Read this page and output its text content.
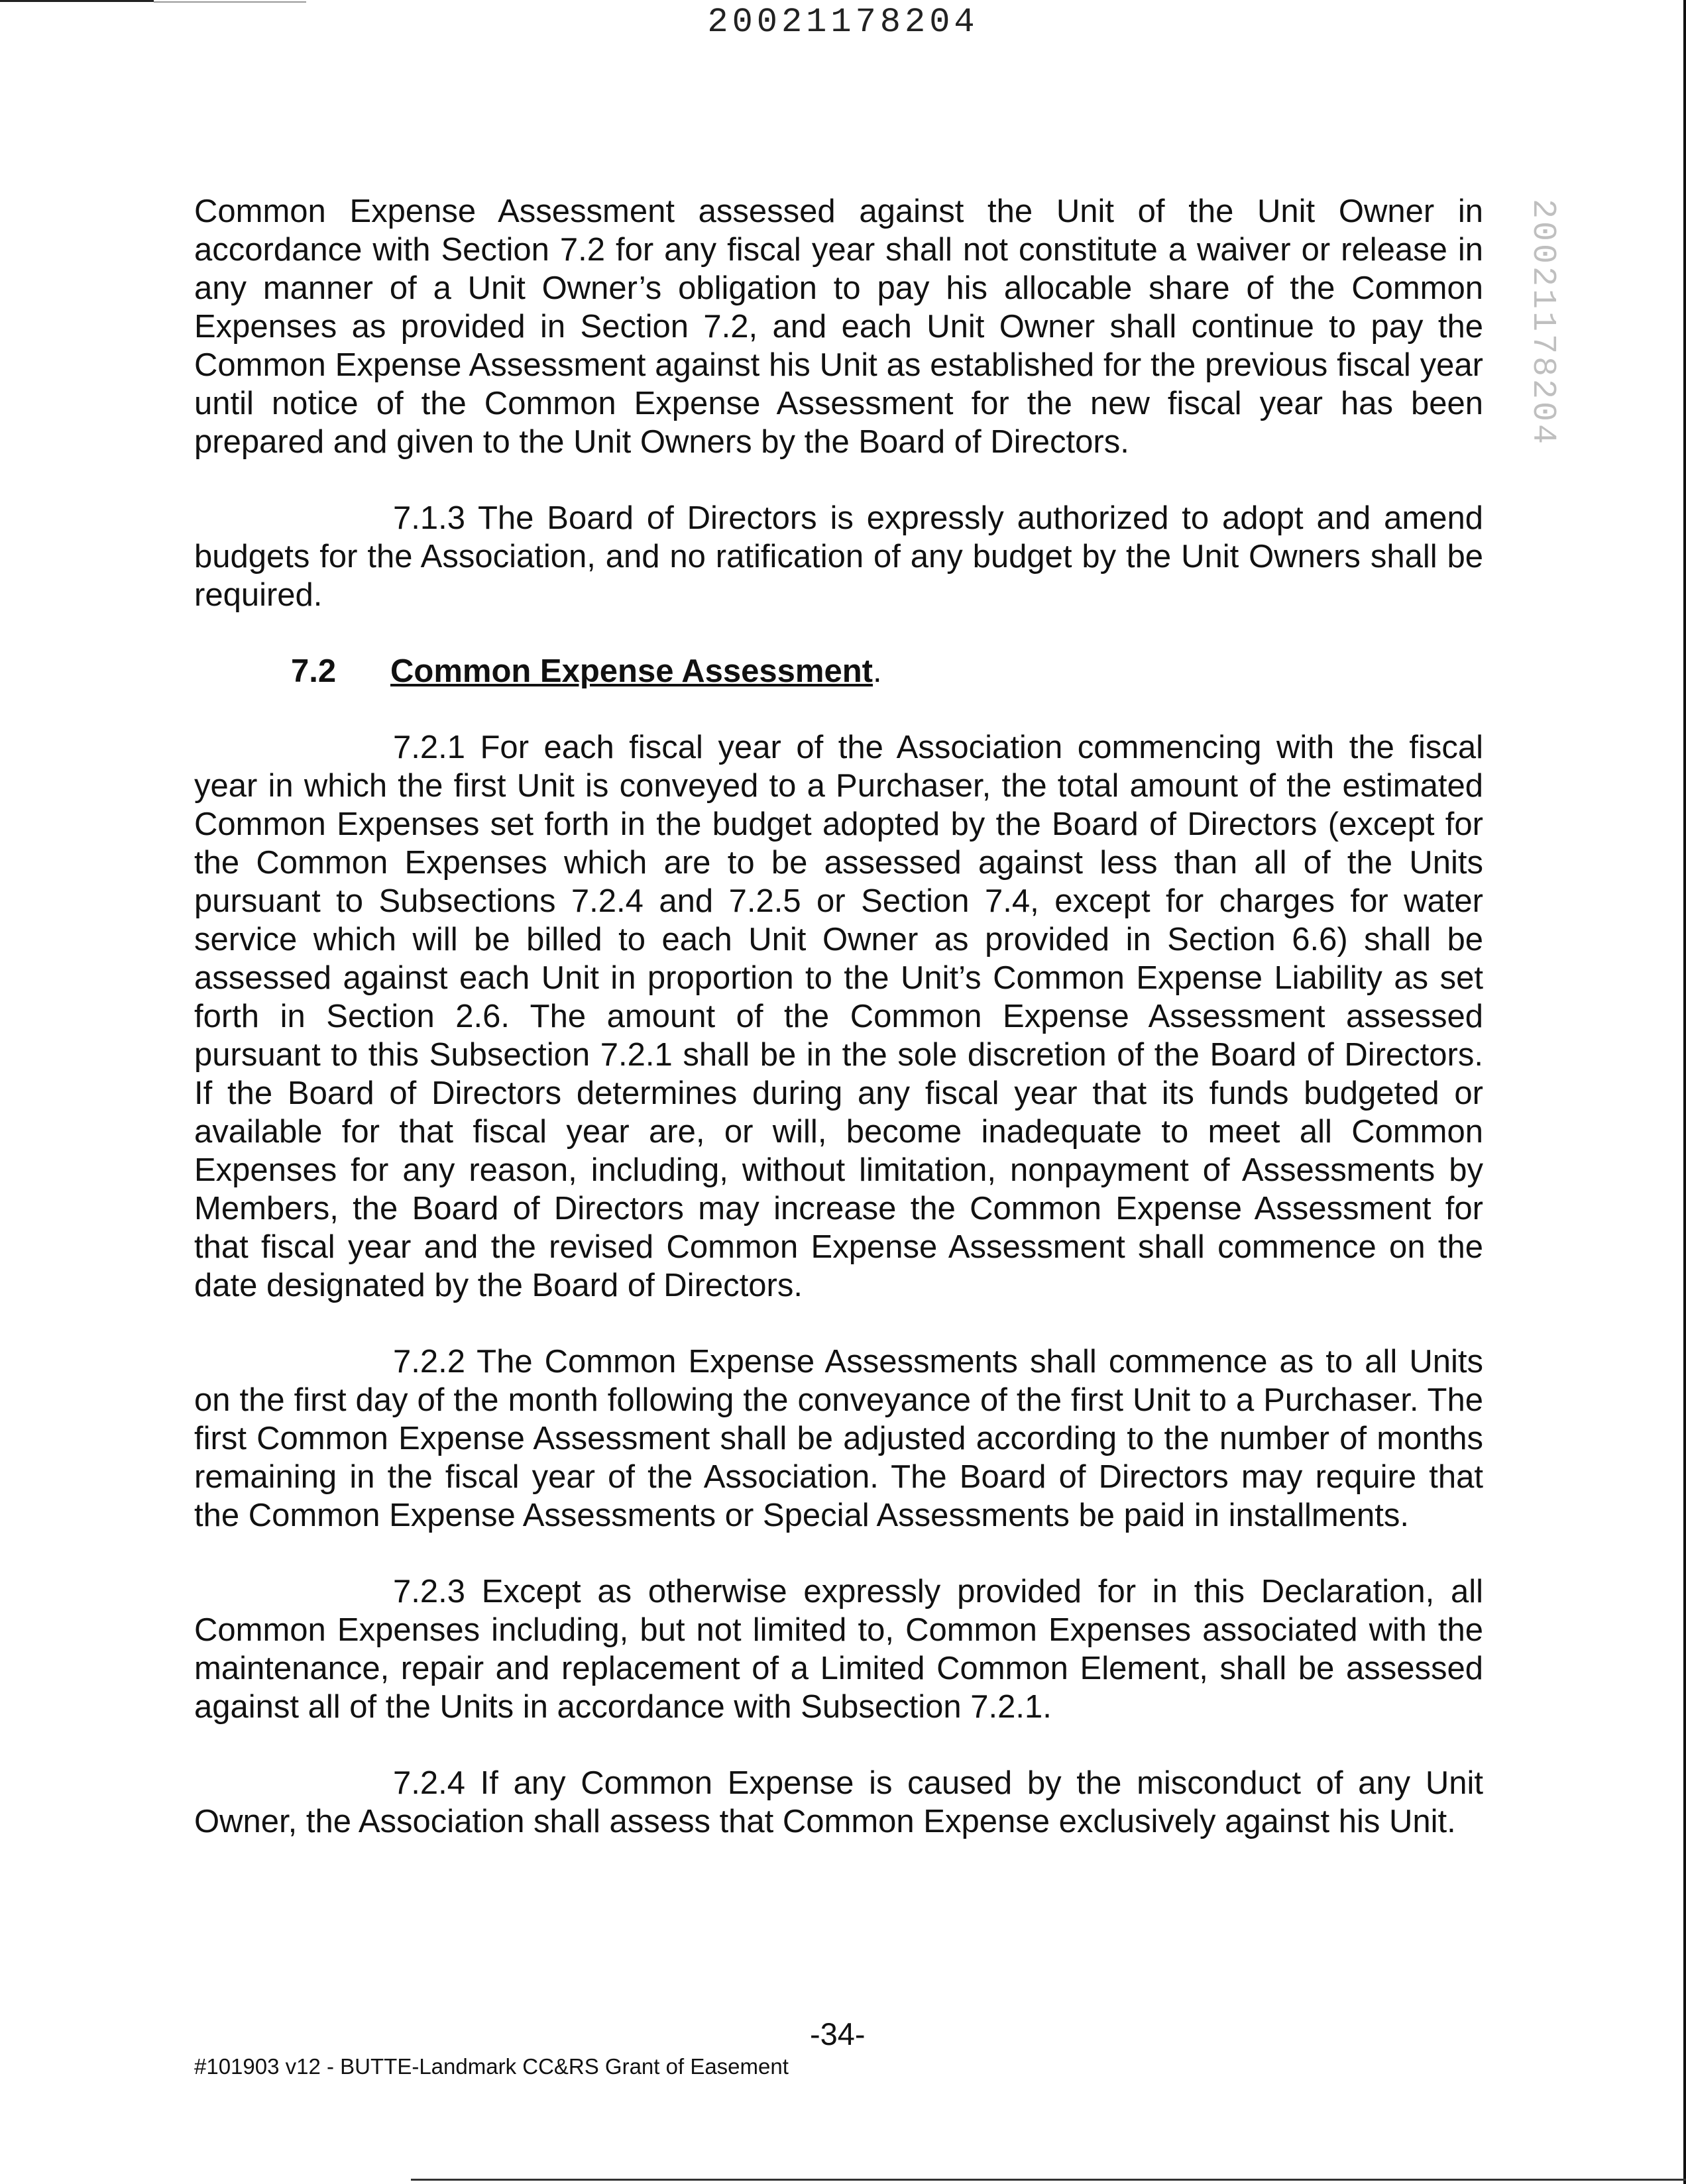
20021178204
20021178204

Common Expense Assessment assessed against the Unit of the Unit Owner in accordance with Section 7.2 for any fiscal year shall not constitute a waiver or release in any manner of a Unit Owner’s obligation to pay his allocable share of the Common Expenses as provided in Section 7.2, and each Unit Owner shall continue to pay the Common Expense Assessment against his Unit as established for the previous fiscal year until notice of the Common Expense Assessment for the new fiscal year has been prepared and given to the Unit Owners by the Board of Directors.

7.1.3 The Board of Directors is expressly authorized to adopt and amend budgets for the Association, and no ratification of any budget by the Unit Owners shall be required.

7.2 Common Expense Assessment.

7.2.1 For each fiscal year of the Association commencing with the fiscal year in which the first Unit is conveyed to a Purchaser, the total amount of the estimated Common Expenses set forth in the budget adopted by the Board of Directors (except for the Common Expenses which are to be assessed against less than all of the Units pursuant to Subsections 7.2.4 and 7.2.5 or Section 7.4, except for charges for water service which will be billed to each Unit Owner as provided in Section 6.6) shall be assessed against each Unit in proportion to the Unit’s Common Expense Liability as set forth in Section 2.6. The amount of the Common Expense Assessment assessed pursuant to this Subsection 7.2.1 shall be in the sole discretion of the Board of Directors. If the Board of Directors determines during any fiscal year that its funds budgeted or available for that fiscal year are, or will, become inadequate to meet all Common Expenses for any reason, including, without limitation, nonpayment of Assessments by Members, the Board of Directors may increase the Common Expense Assessment for that fiscal year and the revised Common Expense Assessment shall commence on the date designated by the Board of Directors.

7.2.2 The Common Expense Assessments shall commence as to all Units on the first day of the month following the conveyance of the first Unit to a Purchaser. The first Common Expense Assessment shall be adjusted according to the number of months remaining in the fiscal year of the Association. The Board of Directors may require that the Common Expense Assessments or Special Assessments be paid in installments.

7.2.3 Except as otherwise expressly provided for in this Declaration, all Common Expenses including, but not limited to, Common Expenses associated with the maintenance, repair and replacement of a Limited Common Element, shall be assessed against all of the Units in accordance with Subsection 7.2.1.

7.2.4 If any Common Expense is caused by the misconduct of any Unit Owner, the Association shall assess that Common Expense exclusively against his Unit.

-34-
#101903 v12 - BUTTE-Landmark CC&RS Grant of Easement
